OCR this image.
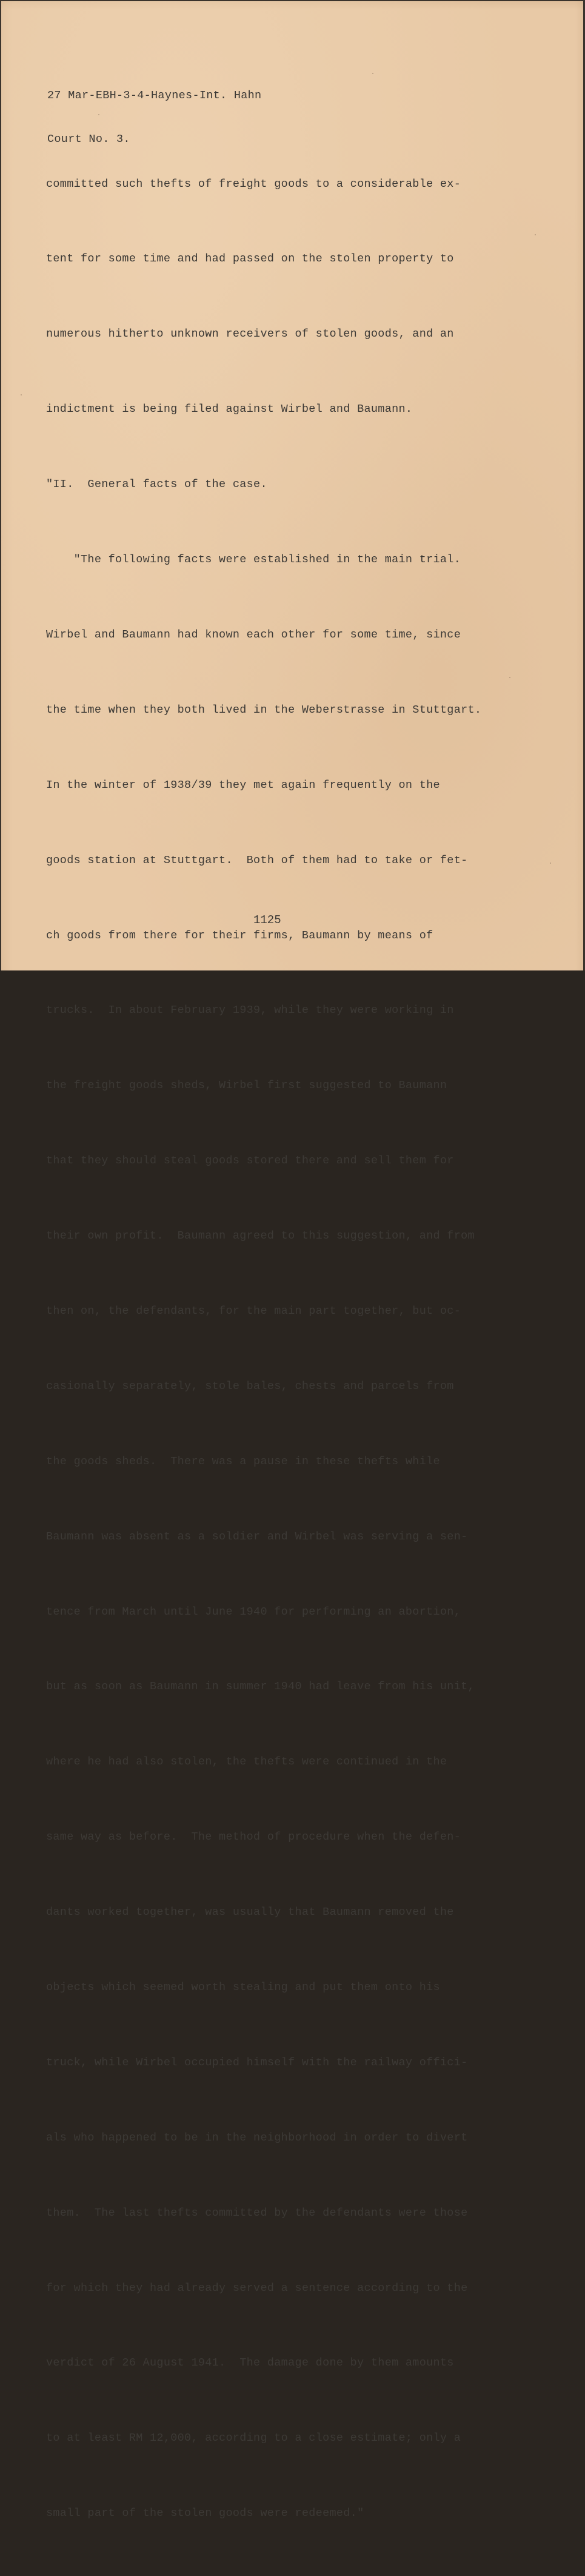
27 Mar-EBH-3-4-Haynes-Int. Hahn

Court No. 3.

committed such thefts of freight goods to a considerable ex-

tent for some time and had passed on the stolen property to

numerous hitherto unknown receivers of stolen goods, and an

indictment is being filed against Wirbel and Baumann.

"II.  General facts of the case.

"The following facts were established in the main trial.

Wirbel and Baumann had known each other for some time, since

the time when they both lived in the Weberstrasse in Stuttgart.

In the winter of 1938/39 they met again frequently on the

goods station at Stuttgart.  Both of them had to take or fet-

ch goods from there for their firms, Baumann by means of

trucks.  In about February 1939, while they were working in

the freight goods sheds, Wirbel first suggested to Baumann

that they should steal goods stored there and sell them for

their own profit.  Baumann agreed to this suggestion, and from

then on, the defendants, for the main part together, but oc-

casionally separately, stole bales, chests and parcels from

the goods sheds.  There was a pause in these thefts while

Baumann was absent as a soldier and Wirbel was serving a sen-

tence from March until June 1940 for performing an abortion,

but as soon as Baumann in summer 1940 had leave from his unit,

where he had also stolen, the thefts were continued in the

same way as before.  The method of procedure when the defen-

dants worked together, was usually that Baumann removed the

objects which seemed worth stealing and put them onto his

truck, while Wirbel occupied himself with the railway offici-

als who happened to be in the neighborhood in order to divert

them.  The last thefts committed by the defendants were those

for which they had already served a sentence according to the

verdict of 26 August 1941.  The damage done by them amounts

to at least RM 12,000, according to a close estimate; only a

small part of the stolen goods were redeemed."

1125
